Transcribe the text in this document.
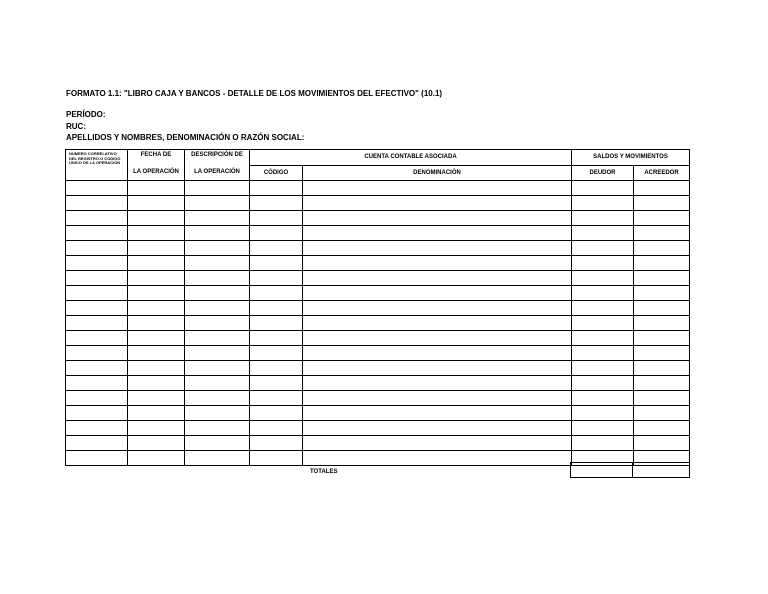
FORMATO 1.1: "LIBRO CAJA Y BANCOS - DETALLE DE LOS MOVIMIENTOS DEL EFECTIVO" (10.1)
PERÍODO:
RUC:
APELLIDOS Y NOMBRES, DENOMINACIÓN O RAZÓN SOCIAL:
NÚMERO CORRELATIVO DEL REGISTRO O CÓDIGO ÚNICO DE LA OPERACIÓN	FECHA DE	DESCRIPCIÓN DE	CUENTA CONTABLE ASOCIADA		SALDOS Y MOVIMIENTOS	
	LA OPERACIÓN	LA OPERACIÓN	CÓDIGO	DENOMINACIÓN	DEUDOR	ACREEDOR

TOTALES
